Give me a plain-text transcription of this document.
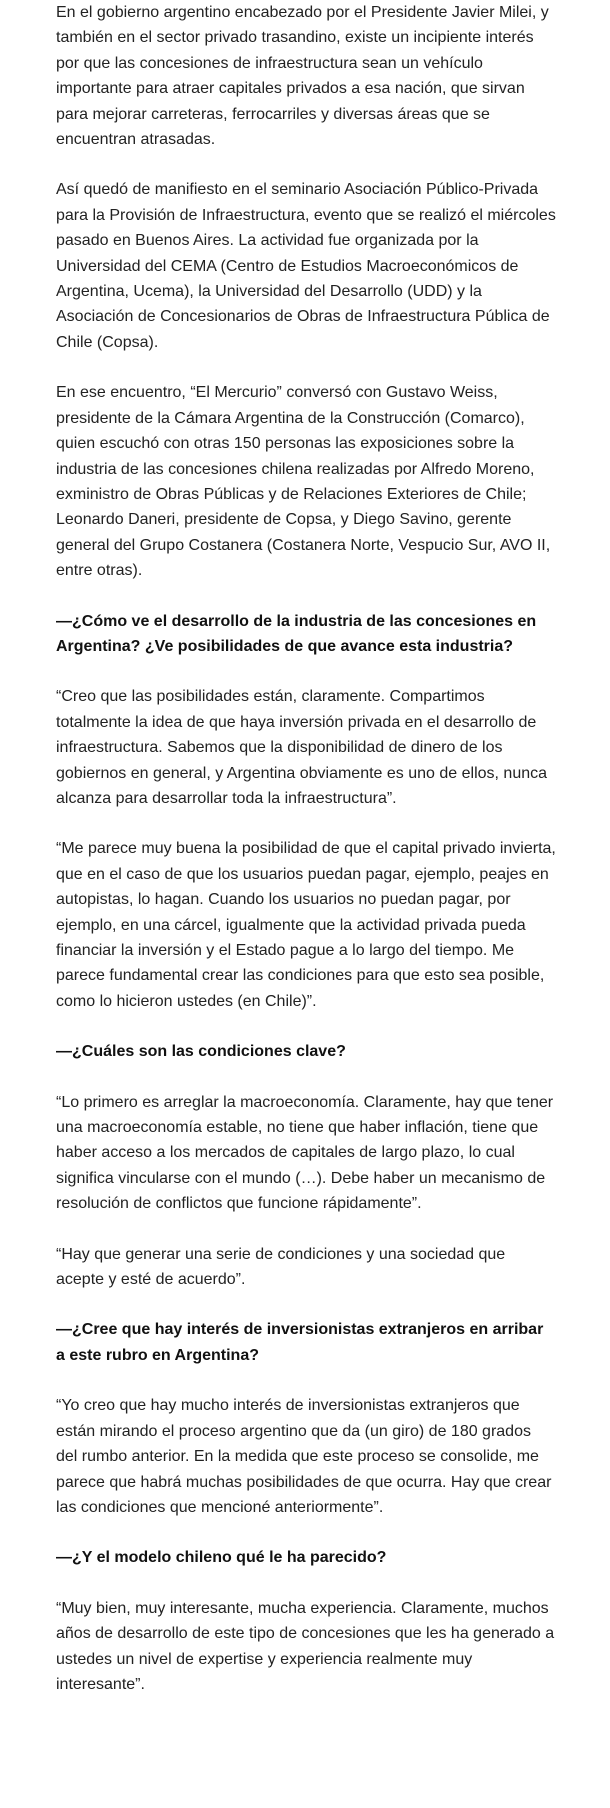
En el gobierno argentino encabezado por el Presidente Javier Milei, y también en el sector privado trasandino, existe un incipiente interés por que las concesiones de infraestructura sean un vehículo importante para atraer capitales privados a esa nación, que sirvan para mejorar carreteras, ferrocarriles y diversas áreas que se encuentran atrasadas.

Así quedó de manifiesto en el seminario Asociación Público-Privada para la Provisión de Infraestructura, evento que se realizó el miércoles pasado en Buenos Aires. La actividad fue organizada por la Universidad del CEMA (Centro de Estudios Macroeconómicos de Argentina, Ucema), la Universidad del Desarrollo (UDD) y la Asociación de Concesionarios de Obras de Infraestructura Pública de Chile (Copsa).

En ese encuentro, “El Mercurio” conversó con Gustavo Weiss, presidente de la Cámara Argentina de la Construcción (Comarco), quien escuchó con otras 150 personas las exposiciones sobre la industria de las concesiones chilena realizadas por Alfredo Moreno, exministro de Obras Públicas y de Relaciones Exteriores de Chile; Leonardo Daneri, presidente de Copsa, y Diego Savino, gerente general del Grupo Costanera (Costanera Norte, Vespucio Sur, AVO II, entre otras).

—¿Cómo ve el desarrollo de la industria de las concesiones en Argentina? ¿Ve posibilidades de que avance esta industria?

“Creo que las posibilidades están, claramente. Compartimos totalmente la idea de que haya inversión privada en el desarrollo de infraestructura. Sabemos que la disponibilidad de dinero de los gobiernos en general, y Argentina obviamente es uno de ellos, nunca alcanza para desarrollar toda la infraestructura”.

“Me parece muy buena la posibilidad de que el capital privado invierta, que en el caso de que los usuarios puedan pagar, ejemplo, peajes en autopistas, lo hagan. Cuando los usuarios no puedan pagar, por ejemplo, en una cárcel, igualmente que la actividad privada pueda financiar la inversión y el Estado pague a lo largo del tiempo. Me parece fundamental crear las condiciones para que esto sea posible, como lo hicieron ustedes (en Chile)”.

—¿Cuáles son las condiciones clave?

“Lo primero es arreglar la macroeconomía. Claramente, hay que tener una macroeconomía estable, no tiene que haber inflación, tiene que haber acceso a los mercados de capitales de largo plazo, lo cual significa vincularse con el mundo (…). Debe haber un mecanismo de resolución de conflictos que funcione rápidamente”.

“Hay que generar una serie de condiciones y una sociedad que acepte y esté de acuerdo”.

—¿Cree que hay interés de inversionistas extranjeros en arribar a este rubro en Argentina?

“Yo creo que hay mucho interés de inversionistas extranjeros que están mirando el proceso argentino que da (un giro) de 180 grados del rumbo anterior. En la medida que este proceso se consolide, me parece que habrá muchas posibilidades de que ocurra. Hay que crear las condiciones que mencioné anteriormente”.

—¿Y el modelo chileno qué le ha parecido?

“Muy bien, muy interesante, mucha experiencia. Claramente, muchos años de desarrollo de este tipo de concesiones que les ha generado a ustedes un nivel de expertise y experiencia realmente muy interesante”.
